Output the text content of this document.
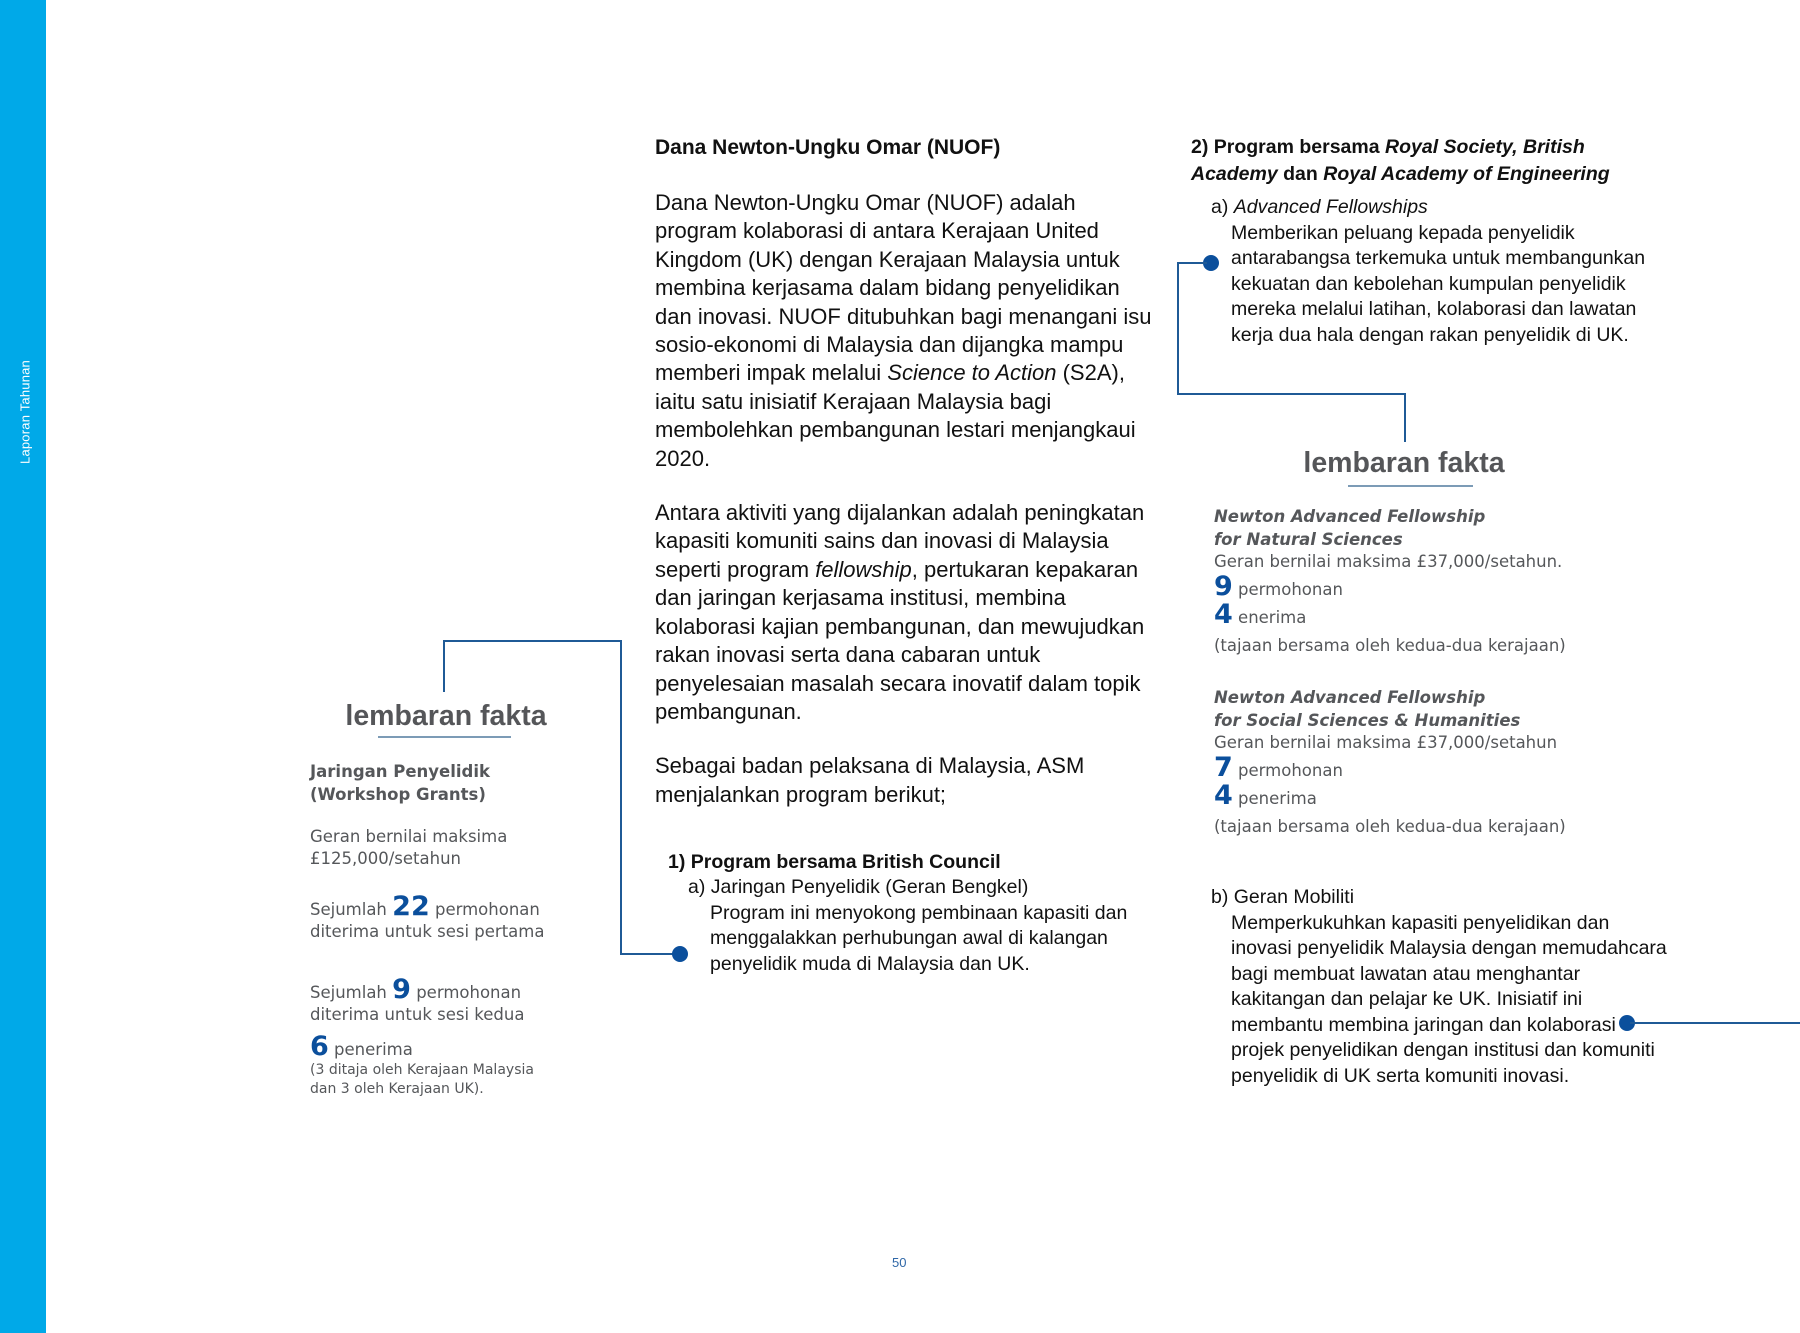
Laporan Tahunan
Dana Newton-Ungku Omar (NUOF)

Dana Newton-Ungku Omar (NUOF) adalah program kolaborasi di antara Kerajaan United Kingdom (UK) dengan Kerajaan Malaysia untuk membina kerjasama dalam bidang penyelidikan dan inovasi. NUOF ditubuhkan bagi menangani isu sosio-ekonomi di Malaysia dan dijangka mampu memberi impak melalui Science to Action (S2A), iaitu satu inisiatif Kerajaan Malaysia bagi membolehkan pembangunan lestari menjangkaui 2020.

Antara aktiviti yang dijalankan adalah peningkatan kapasiti komuniti sains dan inovasi di Malaysia seperti program fellowship, pertukaran kepakaran dan jaringan kerjasama institusi, membina kolaborasi kajian pembangunan, dan mewujudkan rakan inovasi serta dana cabaran untuk penyelesaian masalah secara inovatif dalam topik pembangunan.

Sebagai badan pelaksana di Malaysia, ASM menjalankan program berikut;

1) Program bersama British Council
a) Jaringan Penyelidik (Geran Bengkel)
Program ini menyokong pembinaan kapasiti dan menggalakkan perhubungan awal di kalangan penyelidik muda di Malaysia dan UK.
2) Program bersama Royal Society, British Academy dan Royal Academy of Engineering
a) Advanced Fellowships
Memberikan peluang kepada penyelidik antarabangsa terkemuka untuk membangunkan kekuatan dan kebolehan kumpulan penyelidik mereka melalui latihan, kolaborasi dan lawatan kerja dua hala dengan rakan penyelidik di UK.
b) Geran Mobiliti
Memperkukuhkan kapasiti penyelidikan dan inovasi penyelidik Malaysia dengan memudahcara bagi membuat lawatan atau menghantar kakitangan dan pelajar ke UK. Inisiatif ini membantu membina jaringan dan kolaborasi projek penyelidikan dengan institusi dan komuniti penyelidik di UK serta komuniti inovasi.
lembaran fakta
Jaringan Penyelidik
(Workshop Grants)
Geran bernilai maksima
£125,000/setahun
Sejumlah 22 permohonan
diterima untuk sesi pertama
Sejumlah 9 permohonan
diterima untuk sesi kedua
6 penerima
(3 ditaja oleh Kerajaan Malaysia
dan 3 oleh Kerajaan UK).
lembaran fakta
Newton Advanced Fellowship
for Natural Sciences
Geran bernilai maksima £37,000/setahun.
9 permohonan
4 enerima
(tajaan bersama oleh kedua-dua kerajaan)
Newton Advanced Fellowship
for Social Sciences & Humanities
Geran bernilai maksima £37,000/setahun
7 permohonan
4 penerima
(tajaan bersama oleh kedua-dua kerajaan)
50
